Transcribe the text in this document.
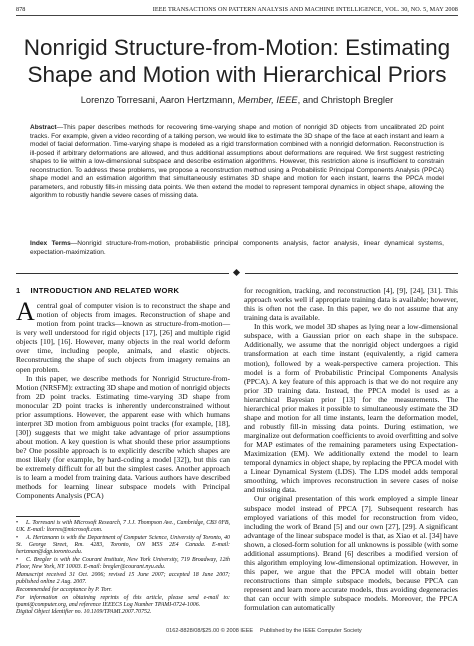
878	IEEE TRANSACTIONS ON PATTERN ANALYSIS AND MACHINE INTELLIGENCE, VOL. 30, NO. 5, MAY 2008
Nonrigid Structure-from-Motion: Estimating
Shape and Motion with Hierarchical Priors
Lorenzo Torresani, Aaron Hertzmann, Member, IEEE, and Christoph Bregler
Abstract—This paper describes methods for recovering time-varying shape and motion of nonrigid 3D objects from uncalibrated 2D point tracks. For example, given a video recording of a talking person, we would like to estimate the 3D shape of the face at each instant and learn a model of facial deformation. Time-varying shape is modeled as a rigid transformation combined with a nonrigid deformation. Reconstruction is ill-posed if arbitrary deformations are allowed, and thus additional assumptions about deformations are required. We first suggest restricting shapes to lie within a low-dimensional subspace and describe estimation algorithms. However, this restriction alone is insufficient to constrain reconstruction. To address these problems, we propose a reconstruction method using a Probabilistic Principal Components Analysis (PPCA) shape model and an estimation algorithm that simultaneously estimates 3D shape and motion for each instant, learns the PPCA model parameters, and robustly fills-in missing data points. We then extend the model to represent temporal dynamics in object shape, allowing the algorithm to robustly handle severe cases of missing data.
Index Terms—Nonrigid structure-from-motion, probabilistic principal components analysis, factor analysis, linear dynamical systems, expectation-maximization.
1 INTRODUCTION AND RELATED WORK

Acentral goal of computer vision is to reconstruct the shape and motion of objects from images. Reconstruction of shape and motion from point tracks—known as structure-from-motion—is very well understood for rigid objects [17], [26] and multiple rigid objects [10], [16]. However, many objects in the real world deform over time, including people, animals, and elastic objects. Reconstructing the shape of such objects from imagery remains an open problem.

In this paper, we describe methods for Nonrigid Structure-from-Motion (NRSFM): extracting 3D shape and motion of nonrigid objects from 2D point tracks. Estimating time-varying 3D shape from monocular 2D point tracks is inherently underconstrained without prior assumptions. However, the apparent ease with which humans interpret 3D motion from ambiguous point tracks (for example, [18], [30]) suggests that we might take advantage of prior assumptions about motion. A key question is what should these prior assumptions be? One possible approach is to explicitly describe which shapes are most likely (for example, by hard-coding a model [32]), but this can be extremely difficult for all but the simplest cases. Another approach is to learn a model from training data. Various authors have described methods for learning linear subspace models with Principal Components Analysis (PCA)

for recognition, tracking, and reconstruction [4], [9], [24], [31]. This approach works well if appropriate training data is available; however, this is often not the case. In this paper, we do not assume that any training data is available.

In this work, we model 3D shapes as lying near a low-dimensional subspace, with a Gaussian prior on each shape in the subspace. Additionally, we assume that the nonrigid object undergoes a rigid transformation at each time instant (equivalently, a rigid camera motion), followed by a weak-perspective camera projection. This model is a form of Probabilistic Principal Components Analysis (PPCA). A key feature of this approach is that we do not require any prior 3D training data. Instead, the PPCA model is used as a hierarchical Bayesian prior [13] for the measurements. The hierarchical prior makes it possible to simultaneously estimate the 3D shape and motion for all time instants, learn the deformation model, and robustly fill-in missing data points. During estimation, we marginalize out deformation coefficients to avoid overfitting and solve for MAP estimates of the remaining parameters using Expectation-Maximization (EM). We additionally extend the model to learn temporal dynamics in object shape, by replacing the PPCA model with a Linear Dynamical System (LDS). The LDS model adds temporal smoothing, which improves reconstruction in severe cases of noise and missing data.

Our original presentation of this work employed a simple linear subspace model instead of PPCA [7]. Subsequent research has employed variations of this model for reconstruction from video, including the work of Brand [5] and our own [27], [29]. A significant advantage of the linear subspace model is that, as Xiao et al. [34] have shown, a closed-form solution for all unknowns is possible (with some additional assumptions). Brand [6] describes a modified version of this algorithm employing low-dimensional optimization. However, in this paper, we argue that the PPCA model will obtain better reconstructions than simple subspace models, because PPCA can represent and learn more accurate models, thus avoiding degeneracies that can occur with simple subspace models. Moreover, the PPCA formulation can automatically

• L. Torresani is with Microsoft Research, 7 J.J. Thompson Ave., Cambridge, CB3 0FB, UK. E-mail: ltorres@microsoft.com.

• A. Hertzmann is with the Department of Computer Science, University of Toronto, 40 St. George Street, Rm. 4283, Toronto, ON M5S 2E4 Canada. E-mail: hertzman@dgp.toronto.edu.

• C. Bregler is with the Courant Institute, New York University, 719 Broadway, 12th Floor, New York, NY 10003. E-mail: bregler@courant.nyu.edu.

Manuscript received 31 Oct. 2006; revised 15 June 2007; accepted 18 June 2007; published online 2 Aug. 2007.

Recommended for acceptance by P. Torr.

For information on obtaining reprints of this article, please send e-mail to: tpami@computer.org, and reference IEEECS Log Number TPAMI-0724-1006.

Digital Object Identifier no. 10.1109/TPAMI.2007.70752.

0162-8828/08/$25.00 © 2008 IEEE Published by the IEEE Computer Society
